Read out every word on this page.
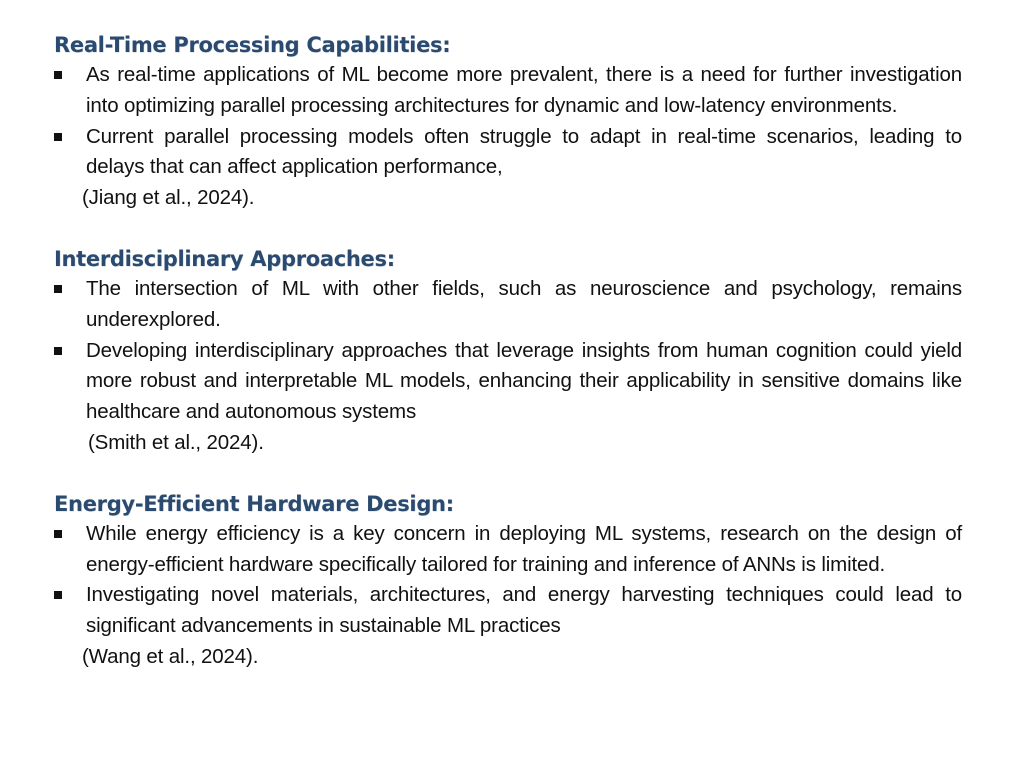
Real-Time Processing Capabilities:
As real-time applications of ML become more prevalent, there is a need for further investigation into optimizing parallel processing architectures for dynamic and low-latency environments.
Current parallel processing models often struggle to adapt in real-time scenarios, leading to delays that can affect application performance,
(Jiang et al., 2024).
Interdisciplinary Approaches:
The intersection of ML with other fields, such as neuroscience and psychology, remains underexplored.
Developing interdisciplinary approaches that leverage insights from human cognition could yield more robust and interpretable ML models, enhancing their applicability in sensitive domains like healthcare and autonomous systems
(Smith et al., 2024).
Energy-Efficient Hardware Design:
While energy efficiency is a key concern in deploying ML systems, research on the design of energy-efficient hardware specifically tailored for training and inference of ANNs is limited.
Investigating novel materials, architectures, and energy harvesting techniques could lead to significant advancements in sustainable ML practices
(Wang et al., 2024).
